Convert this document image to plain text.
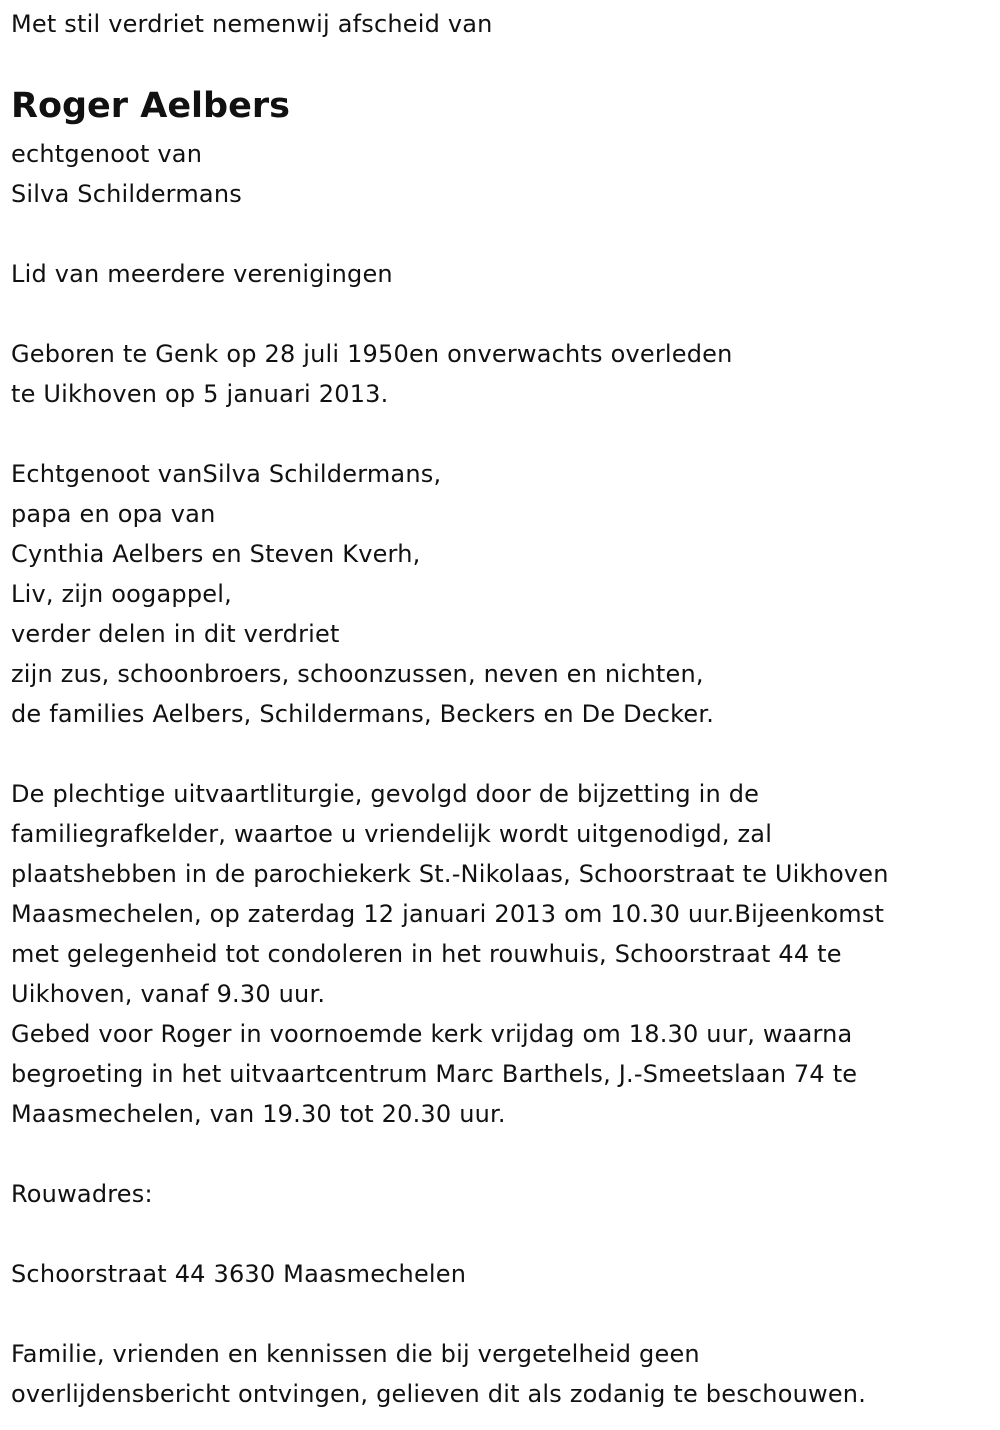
Met stil verdriet nemenwij afscheid van
Roger Aelbers
echtgenoot van
Silva Schildermans
Lid van meerdere verenigingen
Geboren te Genk op 28 juli 1950en onverwachts overleden
te Uikhoven op 5 januari 2013.
Echtgenoot vanSilva Schildermans,
papa en opa van
Cynthia Aelbers en Steven Kverh,
Liv, zijn oogappel,
verder delen in dit verdriet
zijn zus, schoonbroers, schoonzussen, neven en nichten,
de families Aelbers, Schildermans, Beckers en De Decker.
De plechtige uitvaartliturgie, gevolgd door de bijzetting in de
familiegrafkelder, waartoe u vriendelijk wordt uitgenodigd, zal
plaatshebben in de parochiekerk St.-Nikolaas, Schoorstraat te Uikhoven
Maasmechelen, op zaterdag 12 januari 2013 om 10.30 uur.Bijeenkomst
met gelegenheid tot condoleren in het rouwhuis, Schoorstraat 44 te
Uikhoven, vanaf 9.30 uur.
Gebed voor Roger in voornoemde kerk vrijdag om 18.30 uur, waarna
begroeting in het uitvaartcentrum Marc Barthels, J.-Smeetslaan 74 te
Maasmechelen, van 19.30 tot 20.30 uur.
Rouwadres:
Schoorstraat 44 3630 Maasmechelen
Familie, vrienden en kennissen die bij vergetelheid geen
overlijdensbericht ontvingen, gelieven dit als zodanig te beschouwen.
